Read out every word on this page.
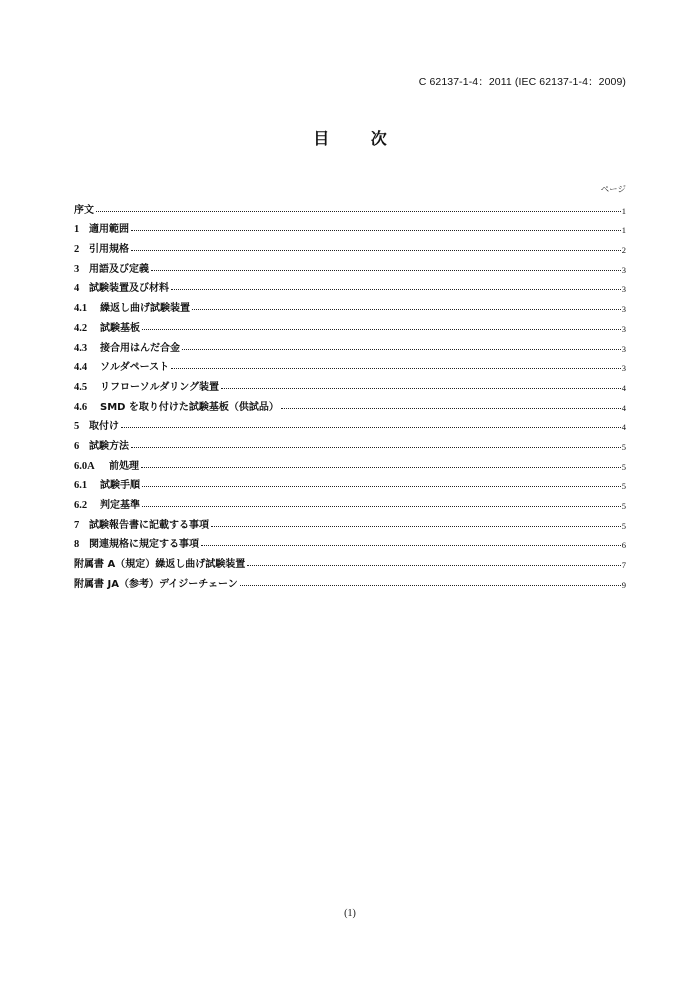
C 62137-1-4：2011 (IEC 62137-1-4：2009)
目 次
ページ
序文	1
1 適用範囲	1
2 引用規格	2
3 用語及び定義	3
4 試験装置及び材料	3
4.1	繰返し曲げ試験装置	3
4.2	試験基板	3
4.3	接合用はんだ合金	3
4.4	ソルダペースト	3
4.5	リフローソルダリング装置	4
4.6	SMD を取り付けた試験基板（供試品）	4
5 取付け	4
6 試験方法	5
6.0A	前処理	5
6.1	試験手順	5
6.2	判定基準	5
7 試験報告書に記載する事項	5
8 関連規格に規定する事項	6
附属書 A（規定）繰返し曲げ試験装置	7
附属書 JA（参考）デイジーチェーン	9
(1)
